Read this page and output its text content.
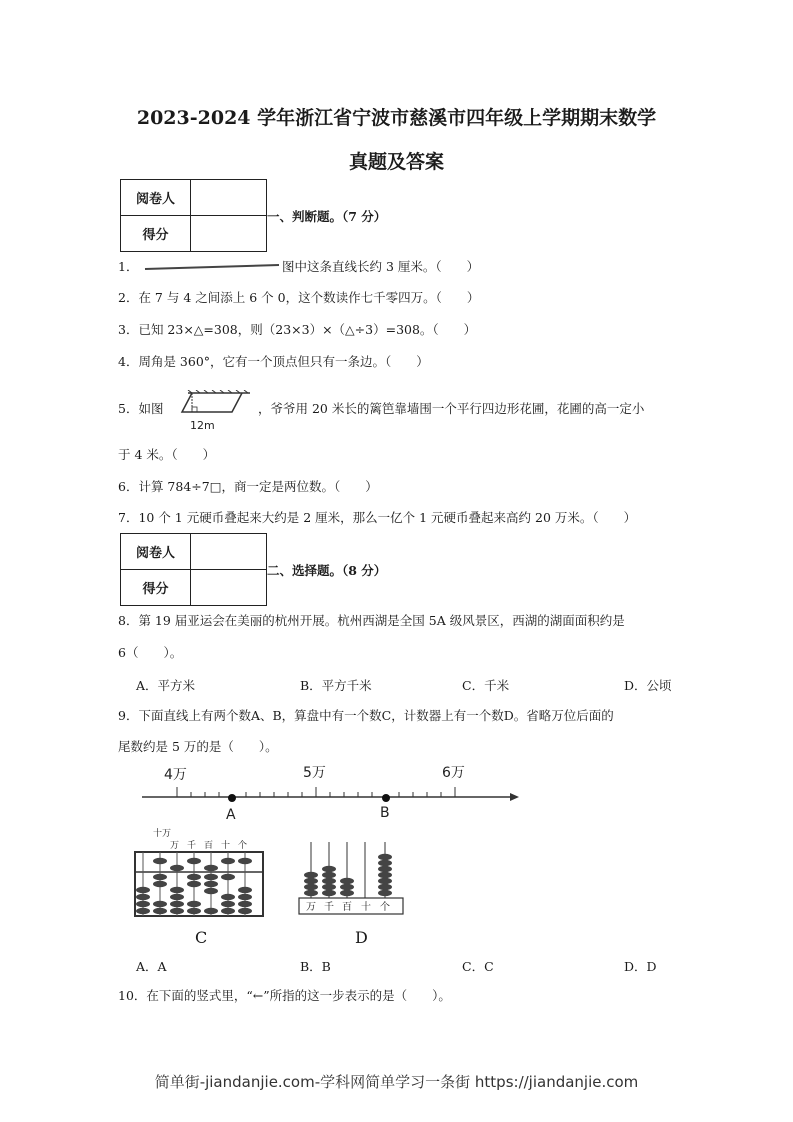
2023-2024 学年浙江省宁波市慈溪市四年级上学期期末数学
真题及答案
阅卷人	
得分	
一、判断题。（7 分）
1．	图中这条直线长约 3 厘米。（　　）
2．在 7 与 4 之间添上 6 个 0，这个数读作七千零四万。（　　）
3．已知 23×△=308，则（23×3）×（△÷3）=308。（　　）
4．周角是 360°，它有一个顶点但只有一条边。（　　）
5．如图
12m
，爷爷用 20 米长的篱笆靠墙围一个平行四边形花圃，花圃的高一定小
于 4 米。（　　）
6．计算 784÷7□，商一定是两位数。（　　）
7．10 个 1 元硬币叠起来大约是 2 厘米，那么一亿个 1 元硬币叠起来高约 20 万米。（　　）
阅卷人	
得分	
二、选择题。（8 分）
8．第 19 届亚运会在美丽的杭州开展。杭州西湖是全国 5A 级风景区，西湖的湖面面积约是
6（　　）。
A．平方米	B．平方千米	C．千米	D．公顷
9．下面直线上有两个数A、B，算盘中有一个数C，计数器上有一个数D。省略万位后面的
尾数约是 5 万的是（　　）。
4万	5万	6万
A	B
十万
万 千 百 十 个
C
万 千 百 十 个
D
A．A	B．B	C．C	D．D
10．在下面的竖式里，“←”所指的这一步表示的是（　　）。
简单街-jiandanjie.com-学科网简单学习一条街 https://jiandanjie.com
